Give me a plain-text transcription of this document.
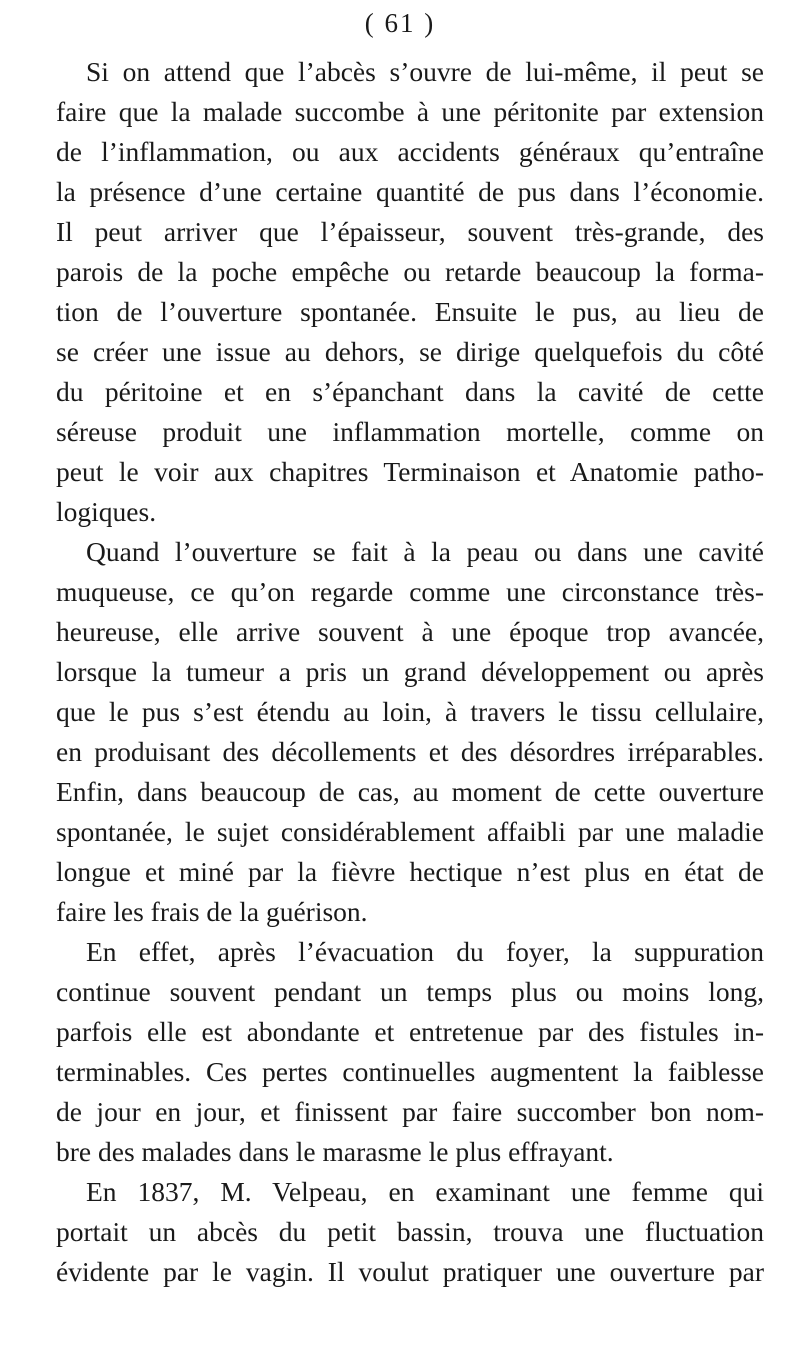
( 61 )
Si on attend que l’abcès s’ouvre de lui-même, il peut se
faire que la malade succombe à une péritonite par extension
de l’inflammation, ou aux accidents généraux qu’entraîne
la présence d’une certaine quantité de pus dans l’économie.
Il peut arriver que l’épaisseur, souvent très-grande, des
parois de la poche empêche ou retarde beaucoup la forma-
tion de l’ouverture spontanée. Ensuite le pus, au lieu de
se créer une issue au dehors, se dirige quelquefois du côté
du péritoine et en s’épanchant dans la cavité de cette
séreuse produit une inflammation mortelle, comme on
peut le voir aux chapitres Terminaison et Anatomie patho-
logiques.
Quand l’ouverture se fait à la peau ou dans une cavité
muqueuse, ce qu’on regarde comme une circonstance très-
heureuse, elle arrive souvent à une époque trop avancée,
lorsque la tumeur a pris un grand développement ou après
que le pus s’est étendu au loin, à travers le tissu cellulaire,
en produisant des décollements et des désordres irréparables.
Enfin, dans beaucoup de cas, au moment de cette ouverture
spontanée, le sujet considérablement affaibli par une maladie
longue et miné par la fièvre hectique n’est plus en état de
faire les frais de la guérison.
En effet, après l’évacuation du foyer, la suppuration
continue souvent pendant un temps plus ou moins long,
parfois elle est abondante et entretenue par des fistules in-
terminables. Ces pertes continuelles augmentent la faiblesse
de jour en jour, et finissent par faire succomber bon nom-
bre des malades dans le marasme le plus effrayant.
En 1837, M. Velpeau, en examinant une femme qui
portait un abcès du petit bassin, trouva une fluctuation
évidente par le vagin. Il voulut pratiquer une ouverture par
